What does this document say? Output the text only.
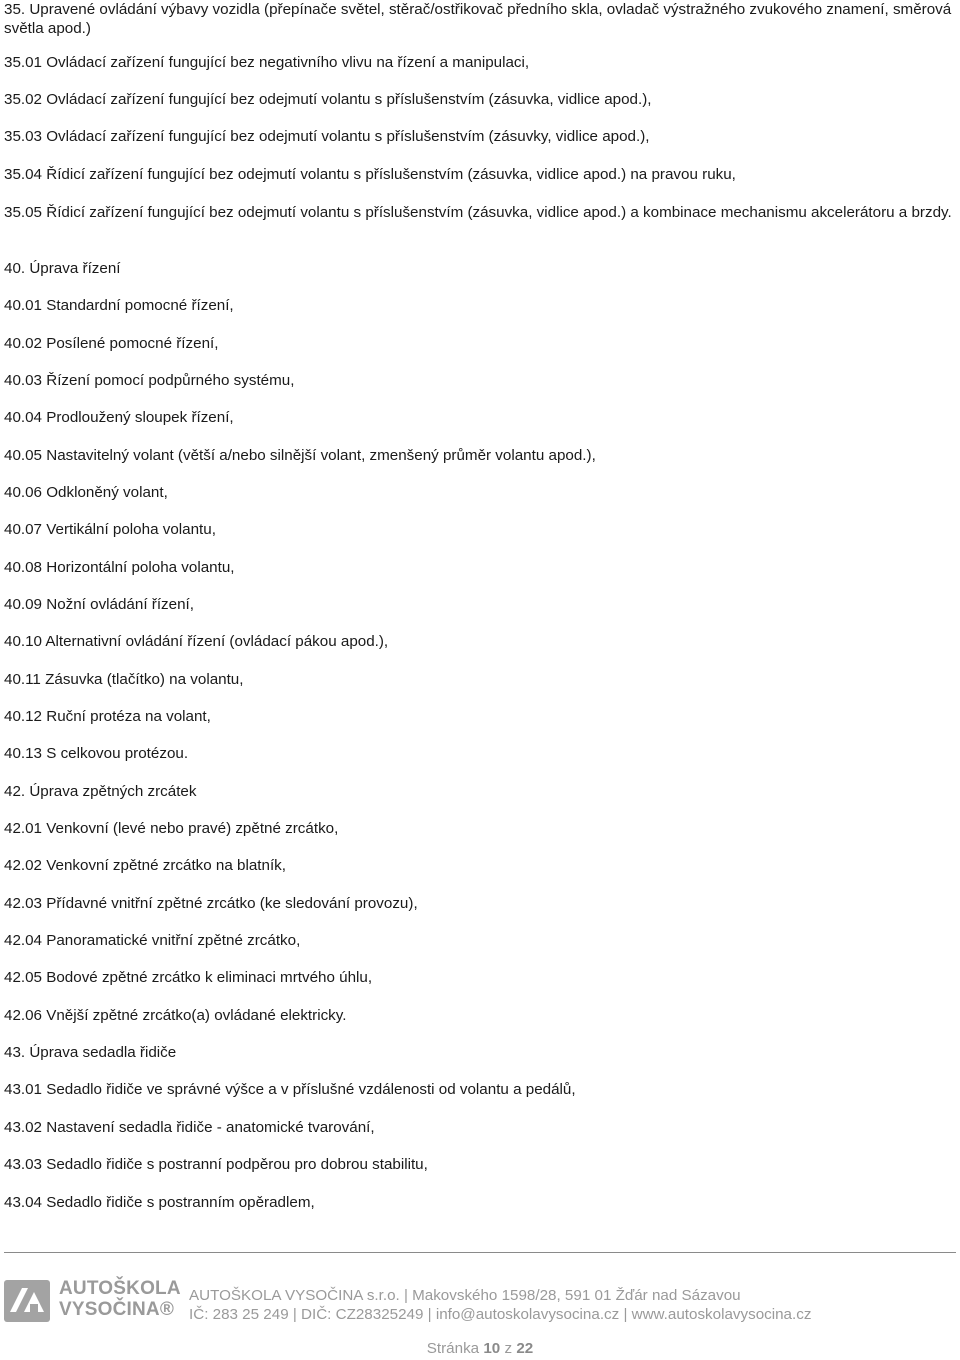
35. Upravené ovládání výbavy vozidla (přepínače světel, stěrač/ostřikovač předního skla, ovladač výstražného zvukového znamení, směrová světla apod.)
35.01 Ovládací zařízení fungující bez negativního vlivu na řízení a manipulaci,
35.02 Ovládací zařízení fungující bez odejmutí volantu s příslušenstvím (zásuvka, vidlice apod.),
35.03 Ovládací zařízení fungující bez odejmutí volantu s příslušenstvím (zásuvky, vidlice apod.),
35.04 Řídicí zařízení fungující bez odejmutí volantu s příslušenstvím (zásuvka, vidlice apod.) na pravou ruku,
35.05 Řídicí zařízení fungující bez odejmutí volantu s příslušenstvím (zásuvka, vidlice apod.) a kombinace mechanismu akcelerátoru a brzdy.
40. Úprava řízení
40.01 Standardní pomocné řízení,
40.02 Posílené pomocné řízení,
40.03 Řízení pomocí podpůrného systému,
40.04 Prodloužený sloupek řízení,
40.05 Nastavitelný volant (větší a/nebo silnější volant, zmenšený průměr volantu apod.),
40.06 Odkloněný volant,
40.07 Vertikální poloha volantu,
40.08 Horizontální poloha volantu,
40.09 Nožní ovládání řízení,
40.10 Alternativní ovládání řízení (ovládací pákou apod.),
40.11 Zásuvka (tlačítko) na volantu,
40.12 Ruční protéza na volant,
40.13 S celkovou protézou.
42. Úprava zpětných zrcátek
42.01 Venkovní (levé nebo pravé) zpětné zrcátko,
42.02 Venkovní zpětné zrcátko na blatník,
42.03 Přídavné vnitřní zpětné zrcátko (ke sledování provozu),
42.04 Panoramatické vnitřní zpětné zrcátko,
42.05 Bodové zpětné zrcátko k eliminaci mrtvého úhlu,
42.06 Vnější zpětné zrcátko(a) ovládané elektricky.
43. Úprava sedadla řidiče
43.01 Sedadlo řidiče ve správné výšce a v příslušné vzdálenosti od volantu a pedálů,
43.02 Nastavení sedadla řidiče - anatomické tvarování,
43.03 Sedadlo řidiče s postranní podpěrou pro dobrou stabilitu,
43.04 Sedadlo řidiče s postranním opěradlem,
AUTOŠKOLA
VYSOČINA®
AUTOŠKOLA VYSOČINA s.r.o. | Makovského 1598/28, 591 01 Žďár nad Sázavou
IČ: 283 25 249 | DIČ: CZ28325249 | info@autoskolavysocina.cz | www.autoskolavysocina.cz
Stránka 10 z 22
